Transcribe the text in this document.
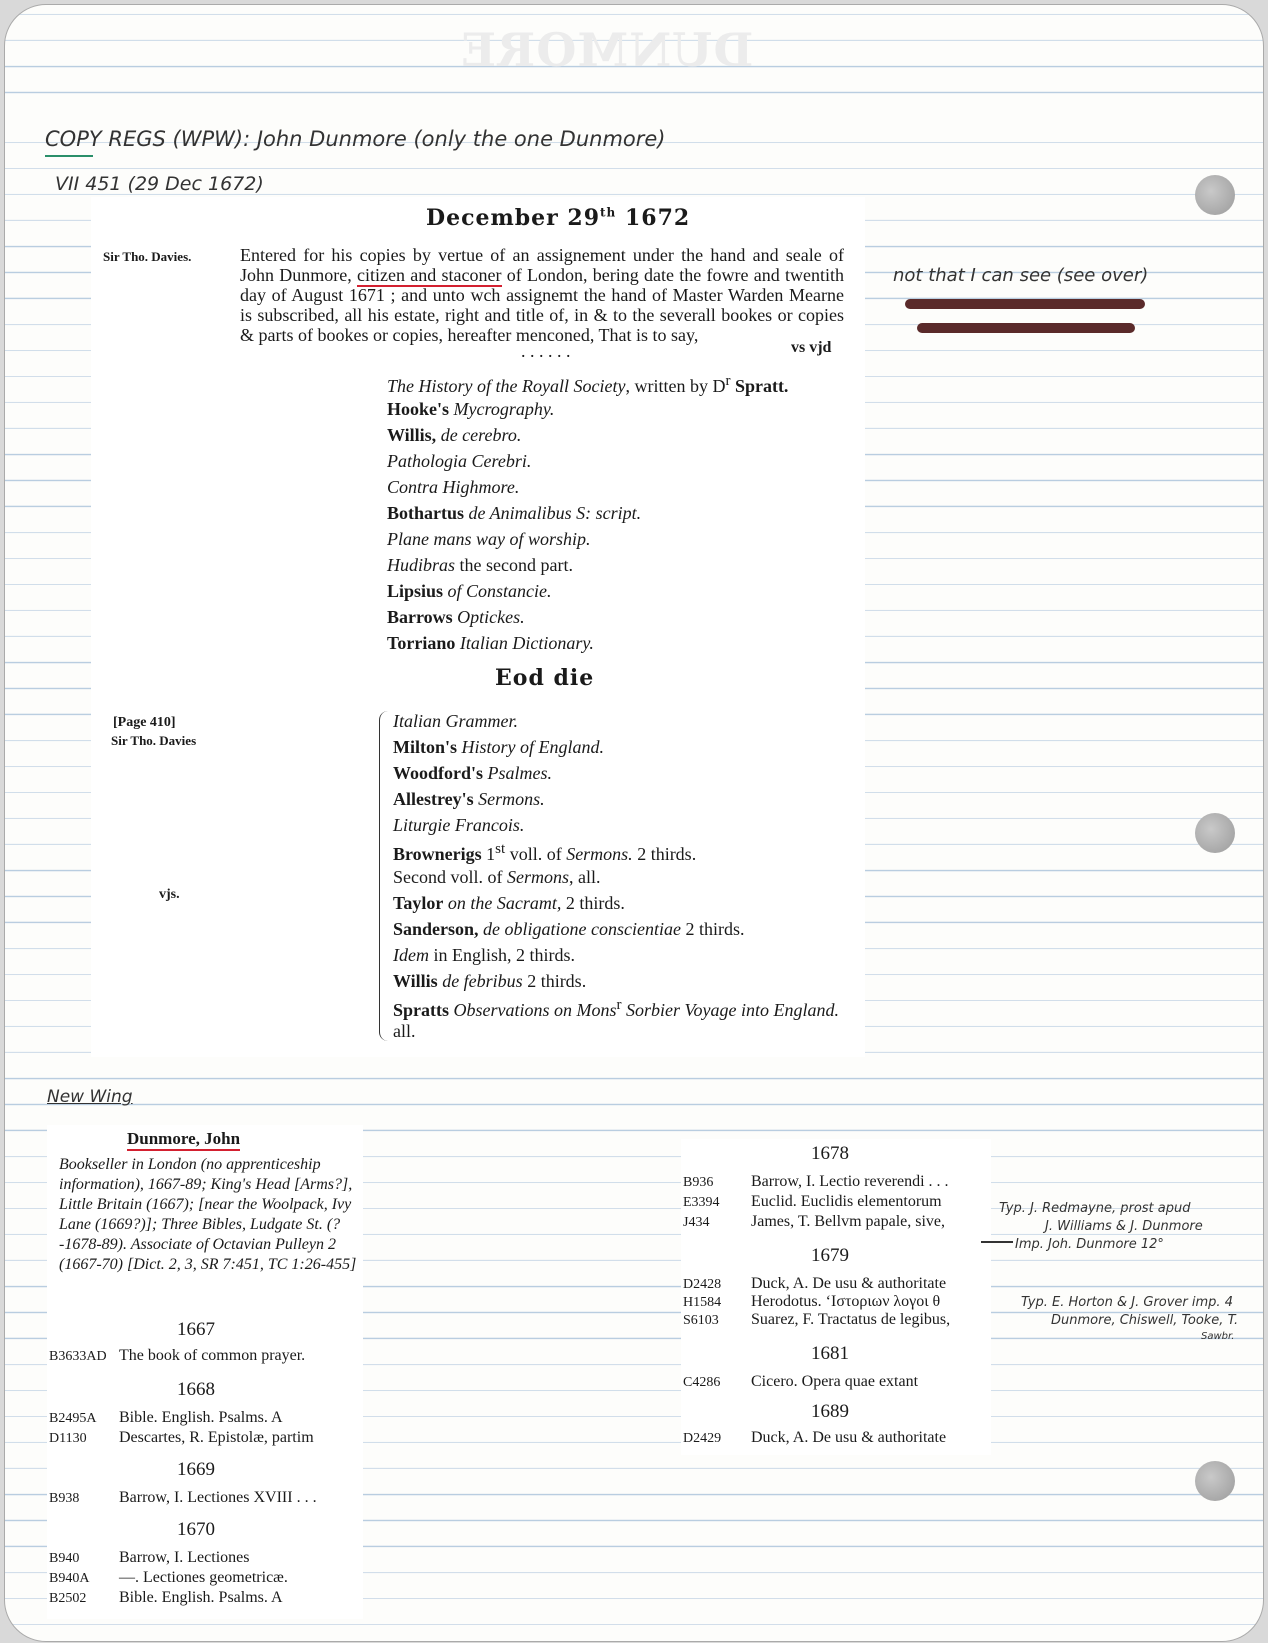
DUNMORE
COPY REGS (WPW): John Dunmore (only the one Dunmore)
VII 451 (29 Dec 1672)
December 29th 1672
Sir Tho. Davies.	Entered for his copies by vertue of an assignement under the hand and seale of John Dunmore, citizen and staconer of London, bering date the fowre and twentith day of August 1671 ; and unto wch assignemt the hand of Master Warden Mearne is subscribed, all his estate, right and title of, in & to the severall bookes or copies & parts of bookes or copies, hereafter menconed, That is to say,
. . . . . .	vs vjd
The History of the Royall Society, written by $D^r$ Spratt.
Hooke's Mycrography.
Willis, de cerebro.
Pathologia Cerebri.
Contra Highmore.
Bothartus de Animalibus S: script.
Plane mans way of worship.
Hudibras the second part.
Lipsius of Constancie.
Barrows Optickes.
Torriano Italian Dictionary.
Eod die
[Page 410]
Sir Tho. Davies
vjs.
Italian Grammer.
Milton's History of England.
Woodford's Psalmes.
Allestrey's Sermons.
Liturgie Francois.
Brownerigs 1st voll. of Sermons. 2 thirds.
Second voll. of Sermons, all.
Taylor on the Sacramt, 2 thirds.
Sanderson, de obligatione conscientiae 2 thirds.
Idem in English, 2 thirds.
Willis de febribus 2 thirds.
Spratts Observations on Mons$^r$ Sorbier Voyage into England. all.
not that I can see (see over)
New Wing
Dunmore, John
Bookseller in London (no apprenticeship information), 1667-89; King's Head [Arms?], Little Britain (1667); [near the Woolpack, Ivy Lane (1669?)]; Three Bibles, Ludgate St. (?-1678-89). Associate of Octavian Pulleyn 2 (1667-70) [Dict. 2, 3, SR 7:451, TC 1:26-455]
1667
B3633AD The book of common prayer.
1668
B2495A Bible. English. Psalms. A
D1130 Descartes, R. Epistolæ, partim
1669
B938 Barrow, I. Lectiones XVIII . . .
1670
B940 Barrow, I. Lectiones
B940A —. Lectiones geometricæ.
B2502 Bible. English. Psalms. A
1678
B936 Barrow, I. Lectio reverendi . . .
E3394 Euclid. Euclidis elementorum
J434	James, T. Bellvm papale, sive,
1679
D2428 Duck, A. De usu & authoritate
H1584 Herodotus. ‘Ιστοριων λογοι θ
S6103 Suarez, F. Tractatus de legibus,
1681
C4286 Cicero. Opera quae extant
1689
D2429 Duck, A. De usu & authoritate
Typ. J. Redmayne, prost apud
J. Williams & J. Dunmore
Imp. Joh. Dunmore 12°
Typ. E. Horton & J. Grover imp. 4
Dunmore, Chiswell, Tooke, T.
Sawbr.
